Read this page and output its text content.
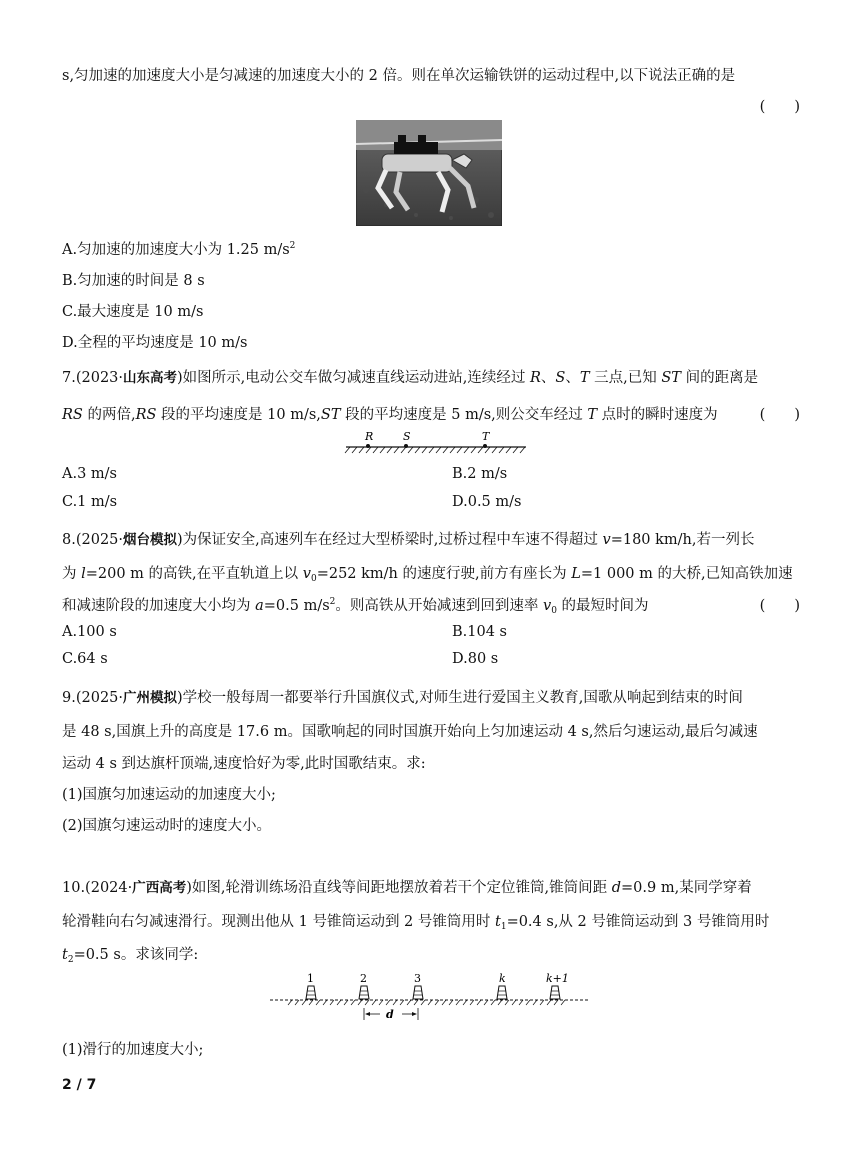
s,匀加速的加速度大小是匀减速的加速度大小的 2 倍。则在单次运输铁饼的运动过程中,以下说法正确的是
(　　)
A.匀加速的加速度大小为 1.25 $m/s^2$
B.匀加速的时间是 8 s
C.最大速度是 10 m/s
D.全程的平均速度是 10 m/s
7.(2023·山东高考)如图所示,电动公交车做匀减速直线运动进站,连续经过 R、S、T 三点,已知 ST 间的距离是
RS 的两倍,RS 段的平均速度是 10 m/s,ST 段的平均速度是 5 m/s,则公交车经过 T 点时的瞬时速度为	(　　)
R	S	T
A.3 m/s	B.2 m/s
C.1 m/s	D.0.5 m/s
8.(2025·烟台模拟)为保证安全,高速列车在经过大型桥梁时,过桥过程中车速不得超过 v=180 km/h,若一列长
为 l=200 m 的高铁,在平直轨道上以 $v_0=252$ km/h 的速度行驶,前方有座长为 L=1 000 m 的大桥,已知高铁加速
和减速阶段的加速度大小均为 a=0.5 $m/s^2$。则高铁从开始减速到回到速率 $v_0$ 的最短时间为	(　　)
A.100 s	B.104 s
C.64 s	D.80 s
9.(2025·广州模拟)学校一般每周一都要举行升国旗仪式,对师生进行爱国主义教育,国歌从响起到结束的时间
是 48 s,国旗上升的高度是 17.6 m。国歌响起的同时国旗开始向上匀加速运动 4 s,然后匀速运动,最后匀减速
运动 4 s 到达旗杆顶端,速度恰好为零,此时国歌结束。求:
(1)国旗匀加速运动的加速度大小;
(2)国旗匀速运动时的速度大小。
10.(2024·广西高考)如图,轮滑训练场沿直线等间距地摆放着若干个定位锥筒,锥筒间距 d=0.9 m,某同学穿着
轮滑鞋向右匀减速滑行。现测出他从 1 号锥筒运动到 2 号锥筒用时 $t_1=0.4$ s,从 2 号锥筒运动到 3 号锥筒用时
$t_2=0.5$ s。求该同学:
1	2	3	k	k+1
d
(1)滑行的加速度大小;
2 / 7
